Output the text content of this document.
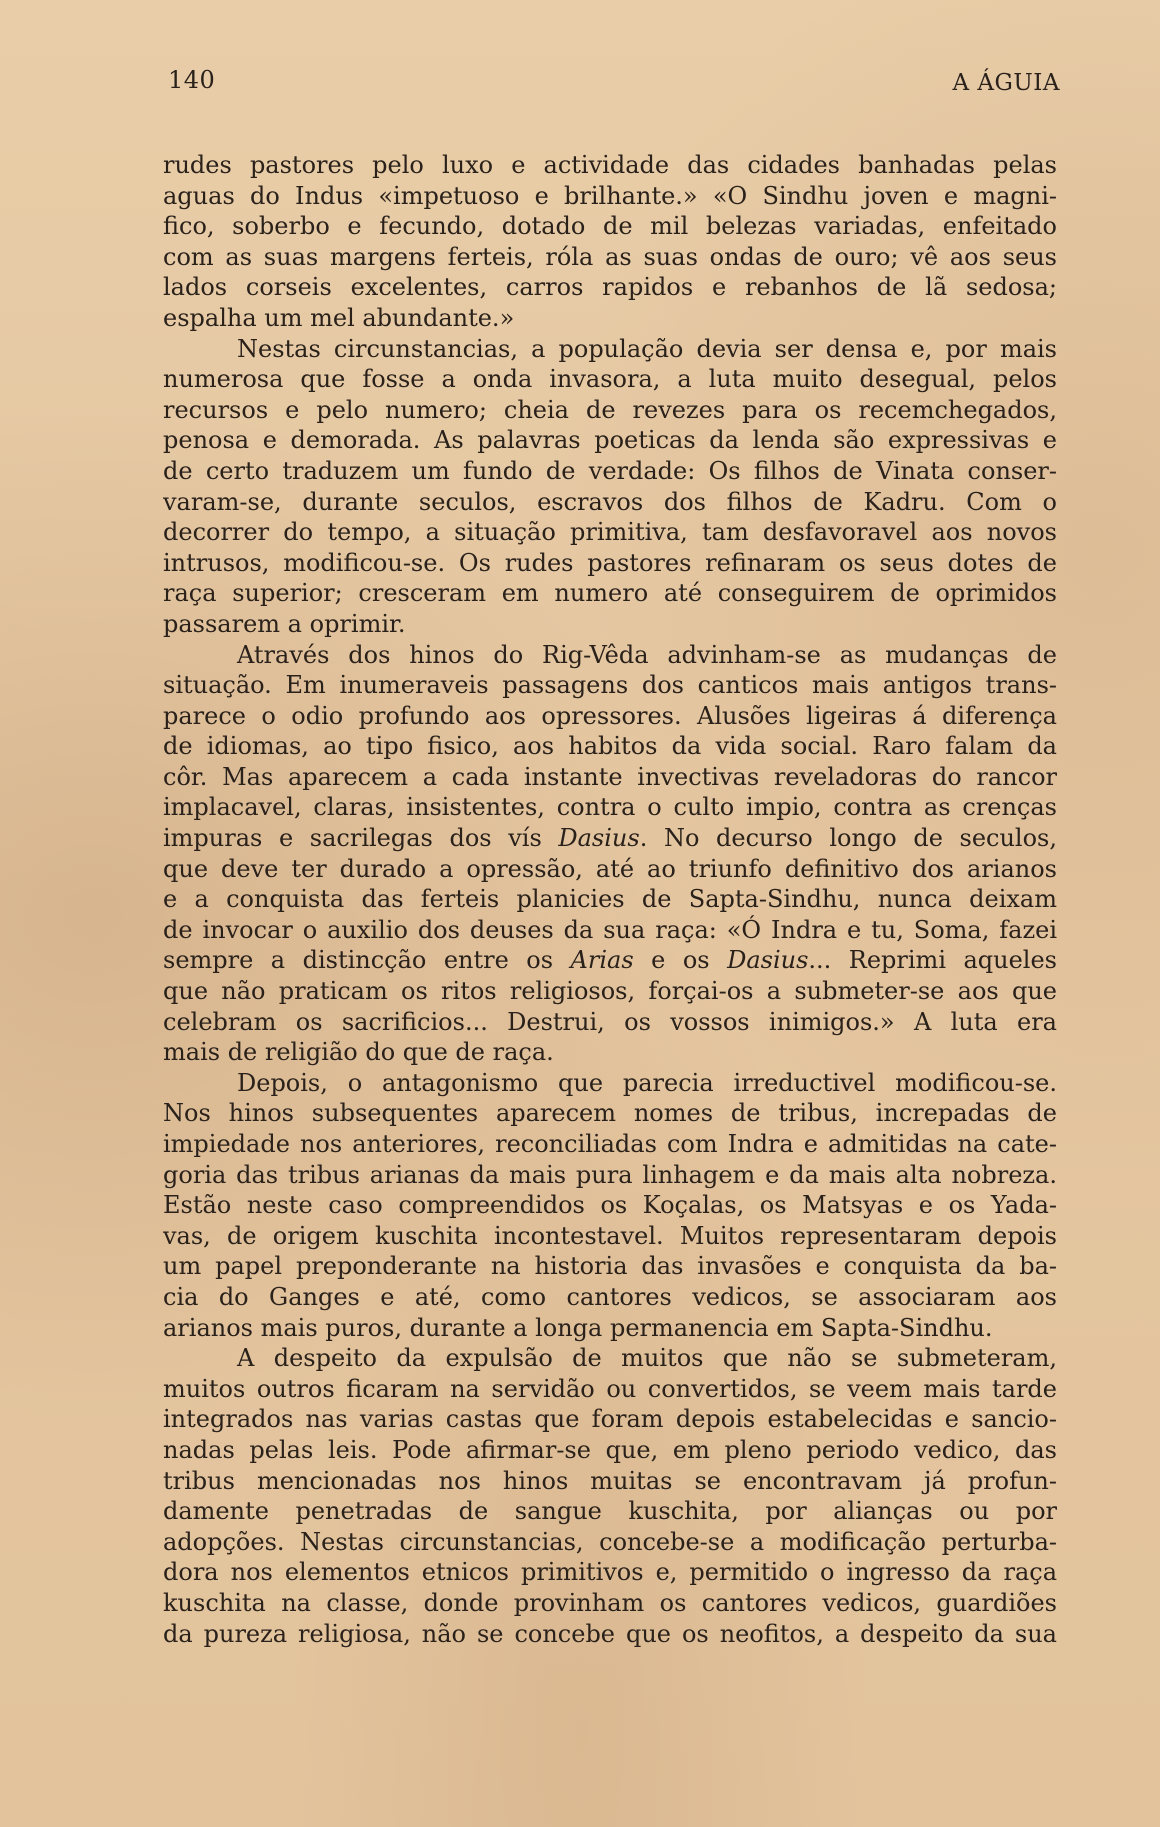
140	A ÁGUIA
rudes pastores pelo luxo e actividade das cidades banhadas pelas
aguas do Indus «impetuoso e brilhante.» «O Sindhu joven e magni-
fico, soberbo e fecundo, dotado de mil belezas variadas, enfeitado
com as suas margens ferteis, róla as suas ondas de ouro; vê aos seus
lados corseis excelentes, carros rapidos e rebanhos de lã sedosa;
espalha um mel abundante.»
Nestas circunstancias, a população devia ser densa e, por mais
numerosa que fosse a onda invasora, a luta muito desegual, pelos
recursos e pelo numero; cheia de revezes para os recemchegados,
penosa e demorada. As palavras poeticas da lenda são expressivas e
de certo traduzem um fundo de verdade: Os filhos de Vinata conser-
varam-se, durante seculos, escravos dos filhos de Kadru. Com o
decorrer do tempo, a situação primitiva, tam desfavoravel aos novos
intrusos, modificou-se. Os rudes pastores refinaram os seus dotes de
raça superior; cresceram em numero até conseguirem de oprimidos
passarem a oprimir.
Através dos hinos do Rig-Vêda advinham-se as mudanças de
situação. Em inumeraveis passagens dos canticos mais antigos trans-
parece o odio profundo aos opressores. Alusões ligeiras á diferença
de idiomas, ao tipo fisico, aos habitos da vida social. Raro falam da
côr. Mas aparecem a cada instante invectivas reveladoras do rancor
implacavel, claras, insistentes, contra o culto impio, contra as crenças
impuras e sacrilegas dos vís Dasius. No decurso longo de seculos,
que deve ter durado a opressão, até ao triunfo definitivo dos arianos
e a conquista das ferteis planicies de Sapta-Sindhu, nunca deixam
de invocar o auxilio dos deuses da sua raça: «Ó Indra e tu, Soma, fazei
sempre a distincção entre os Arias e os Dasius... Reprimi aqueles
que não praticam os ritos religiosos, forçai-os a submeter-se aos que
celebram os sacrificios... Destrui, os vossos inimigos.» A luta era
mais de religião do que de raça.
Depois, o antagonismo que parecia irreductivel modificou-se.
Nos hinos subsequentes aparecem nomes de tribus, increpadas de
impiedade nos anteriores, reconciliadas com Indra e admitidas na cate-
goria das tribus arianas da mais pura linhagem e da mais alta nobreza.
Estão neste caso compreendidos os Koçalas, os Matsyas e os Yada-
vas, de origem kuschita incontestavel. Muitos representaram depois
um papel preponderante na historia das invasões e conquista da ba-
cia do Ganges e até, como cantores vedicos, se associaram aos
arianos mais puros, durante a longa permanencia em Sapta-Sindhu.
A despeito da expulsão de muitos que não se submeteram,
muitos outros ficaram na servidão ou convertidos, se veem mais tarde
integrados nas varias castas que foram depois estabelecidas e sancio-
nadas pelas leis. Pode afirmar-se que, em pleno periodo vedico, das
tribus mencionadas nos hinos muitas se encontravam já profun-
damente penetradas de sangue kuschita, por alianças ou por
adopções. Nestas circunstancias, concebe-se a modificação perturba-
dora nos elementos etnicos primitivos e, permitido o ingresso da raça
kuschita na classe, donde provinham os cantores vedicos, guardiões
da pureza religiosa, não se concebe que os neofitos, a despeito da sua
